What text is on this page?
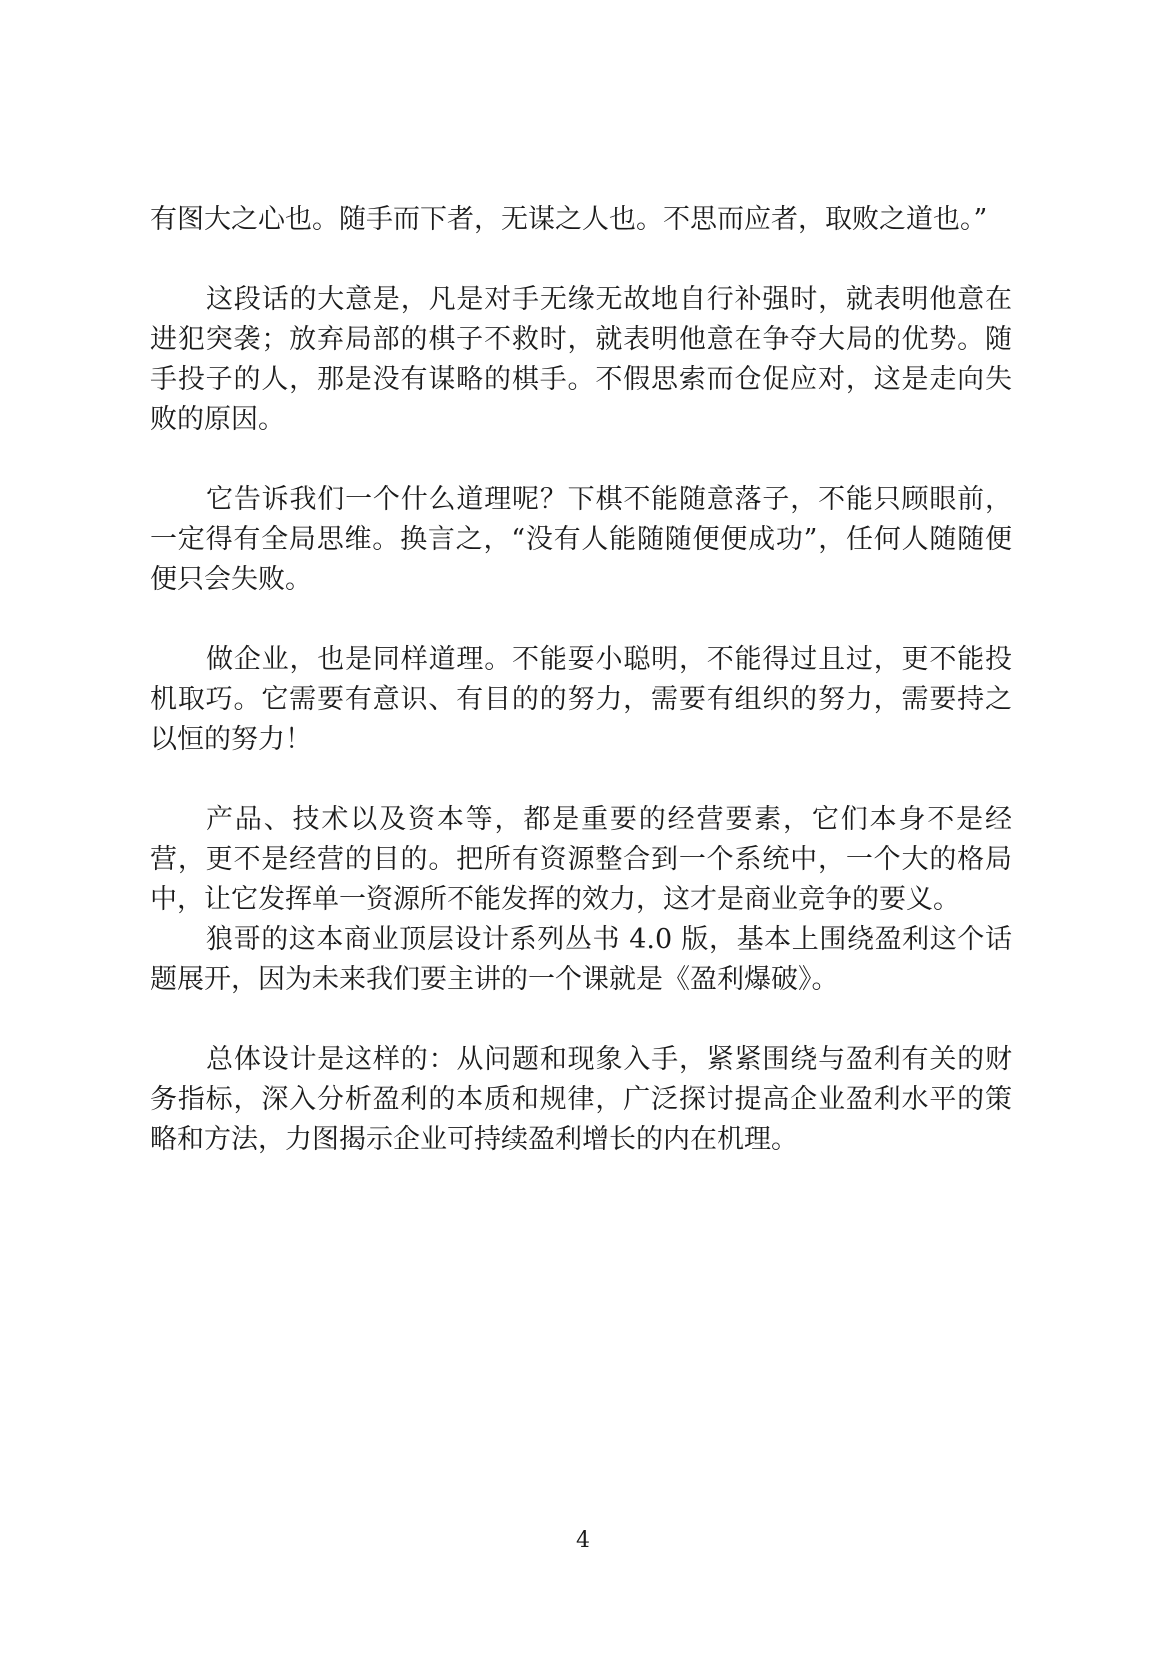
有图大之心也。随手而下者，无谋之人也。不思而应者，取败之道也。”

这段话的大意是，凡是对手无缘无故地自行补强时，就表明他意在进犯突袭；放弃局部的棋子不救时，就表明他意在争夺大局的优势。随手投子的人，那是没有谋略的棋手。不假思索而仓促应对，这是走向失败的原因。

它告诉我们一个什么道理呢？下棋不能随意落子，不能只顾眼前，一定得有全局思维。换言之，“没有人能随随便便成功”，任何人随随便便只会失败。

做企业，也是同样道理。不能耍小聪明，不能得过且过，更不能投机取巧。它需要有意识、有目的的努力，需要有组织的努力，需要持之以恒的努力！

产品、技术以及资本等，都是重要的经营要素，它们本身不是经营，更不是经营的目的。把所有资源整合到一个系统中，一个大的格局中，让它发挥单一资源所不能发挥的效力，这才是商业竞争的要义。

狼哥的这本商业顶层设计系列丛书 4.0 版，基本上围绕盈利这个话题展开，因为未来我们要主讲的一个课就是《盈利爆破》。

总体设计是这样的：从问题和现象入手，紧紧围绕与盈利有关的财务指标，深入分析盈利的本质和规律，广泛探讨提高企业盈利水平的策略和方法，力图揭示企业可持续盈利增长的内在机理。

4
